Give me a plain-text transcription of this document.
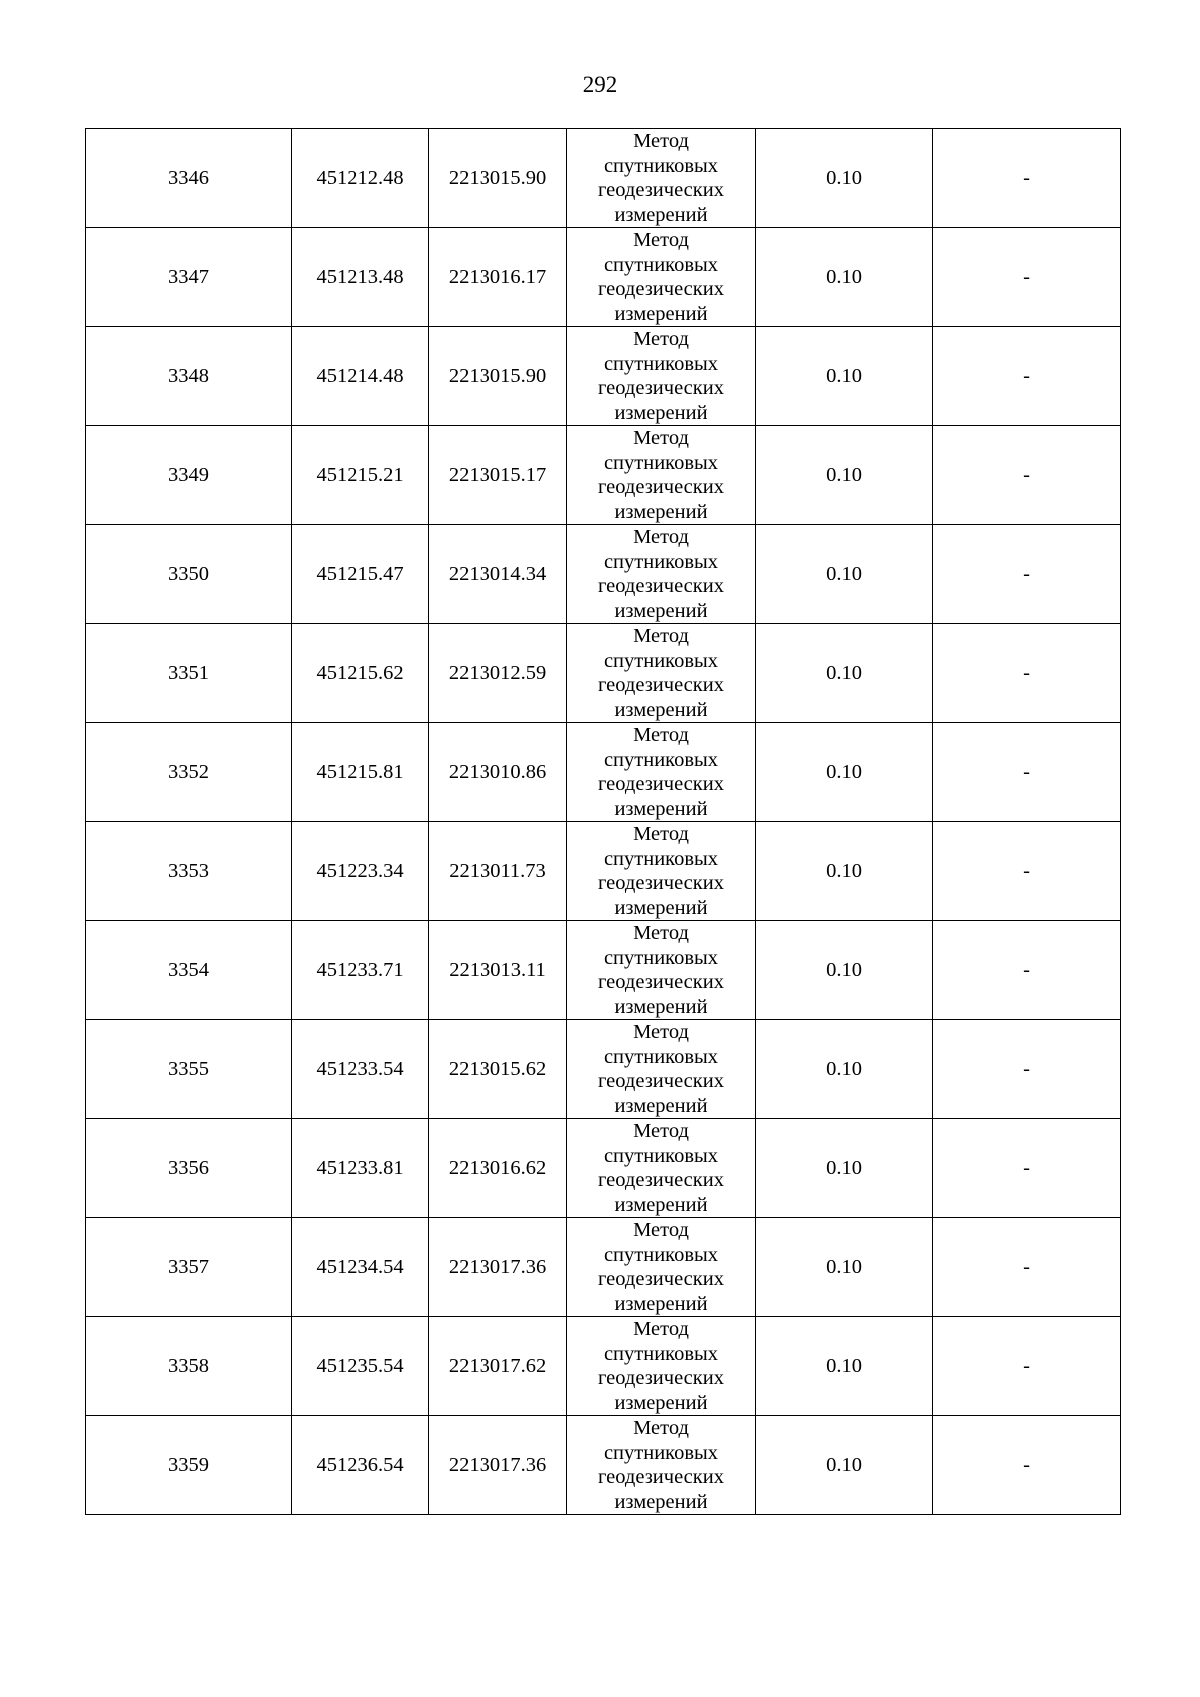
292
3346	451212.48	2213015.90	Метод
спутниковых
геодезических
измерений	0.10	-
3347	451213.48	2213016.17	Метод
спутниковых
геодезических
измерений	0.10	-
3348	451214.48	2213015.90	Метод
спутниковых
геодезических
измерений	0.10	-
3349	451215.21	2213015.17	Метод
спутниковых
геодезических
измерений	0.10	-
3350	451215.47	2213014.34	Метод
спутниковых
геодезических
измерений	0.10	-
3351	451215.62	2213012.59	Метод
спутниковых
геодезических
измерений	0.10	-
3352	451215.81	2213010.86	Метод
спутниковых
геодезических
измерений	0.10	-
3353	451223.34	2213011.73	Метод
спутниковых
геодезических
измерений	0.10	-
3354	451233.71	2213013.11	Метод
спутниковых
геодезических
измерений	0.10	-
3355	451233.54	2213015.62	Метод
спутниковых
геодезических
измерений	0.10	-
3356	451233.81	2213016.62	Метод
спутниковых
геодезических
измерений	0.10	-
3357	451234.54	2213017.36	Метод
спутниковых
геодезических
измерений	0.10	-
3358	451235.54	2213017.62	Метод
спутниковых
геодезических
измерений	0.10	-
3359	451236.54	2213017.36	Метод
спутниковых
геодезических
измерений	0.10	-
